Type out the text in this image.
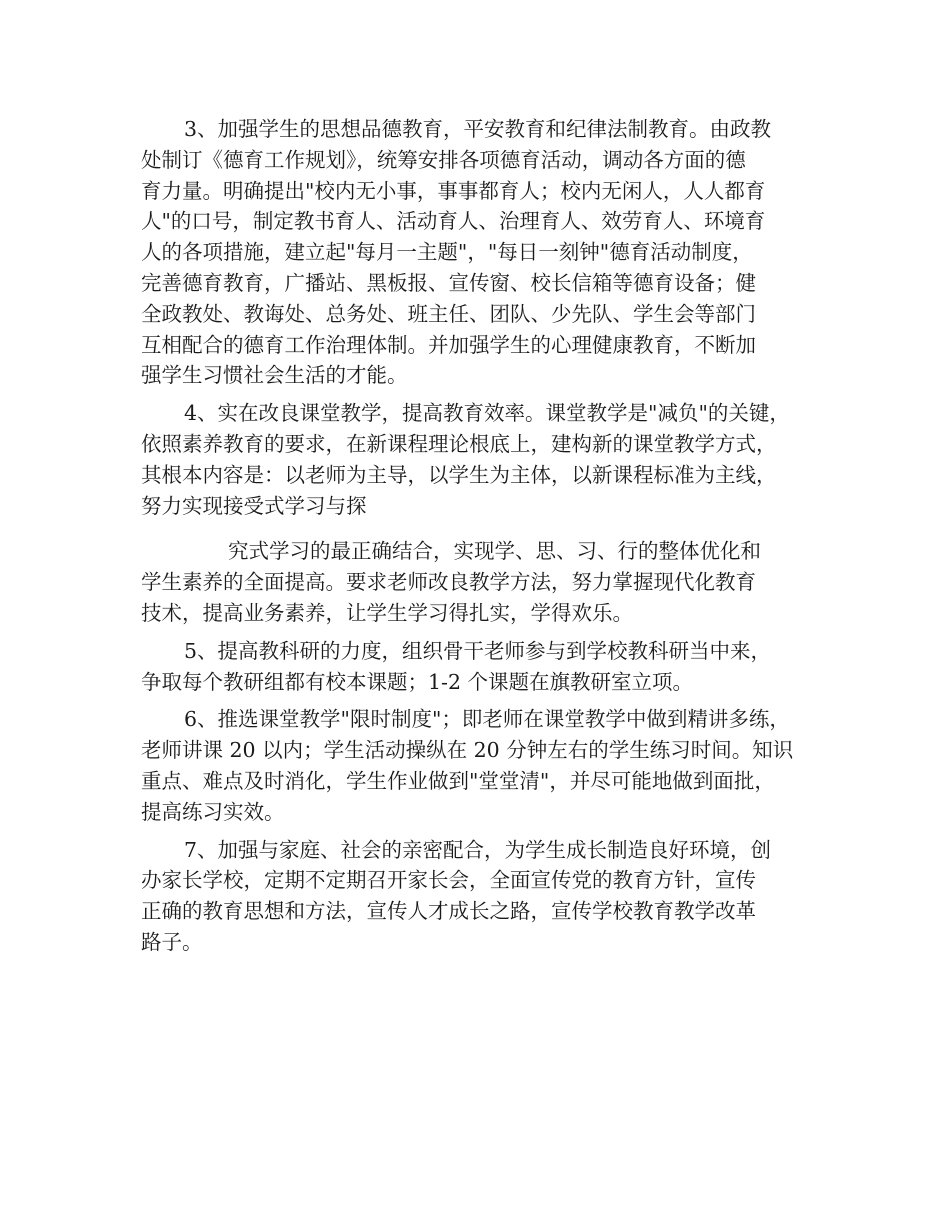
3、加强学生的思想品德教育，平安教育和纪律法制教育。由政教
处制订《德育工作规划》，统筹安排各项德育活动，调动各方面的德
育力量。明确提出"校内无小事，事事都育人；校内无闲人，人人都育
人"的口号，制定教书育人、活动育人、治理育人、效劳育人、环境育
人的各项措施，建立起"每月一主题"，"每日一刻钟"德育活动制度，
完善德育教育，广播站、黑板报、宣传窗、校长信箱等德育设备；健
全政教处、教诲处、总务处、班主任、团队、少先队、学生会等部门
互相配合的德育工作治理体制。并加强学生的心理健康教育，不断加
强学生习惯社会生活的才能。
4、实在改良课堂教学，提高教育效率。课堂教学是"减负"的关键，
依照素养教育的要求，在新课程理论根底上，建构新的课堂教学方式，
其根本内容是：以老师为主导，以学生为主体，以新课程标准为主线，
努力实现接受式学习与探
究式学习的最正确结合，实现学、思、习、行的整体优化和
学生素养的全面提高。要求老师改良教学方法，努力掌握现代化教育
技术，提高业务素养，让学生学习得扎实，学得欢乐。
5、提高教科研的力度，组织骨干老师参与到学校教科研当中来，
争取每个教研组都有校本课题；1-2 个课题在旗教研室立项。
6、推选课堂教学"限时制度"；即老师在课堂教学中做到精讲多练，
老师讲课 20 以内；学生活动操纵在 20 分钟左右的学生练习时间。知识
重点、难点及时消化，学生作业做到"堂堂清"，并尽可能地做到面批，
提高练习实效。
7、加强与家庭、社会的亲密配合，为学生成长制造良好环境，创
办家长学校，定期不定期召开家长会，全面宣传党的教育方针，宣传
正确的教育思想和方法，宣传人才成长之路，宣传学校教育教学改革
路子。
